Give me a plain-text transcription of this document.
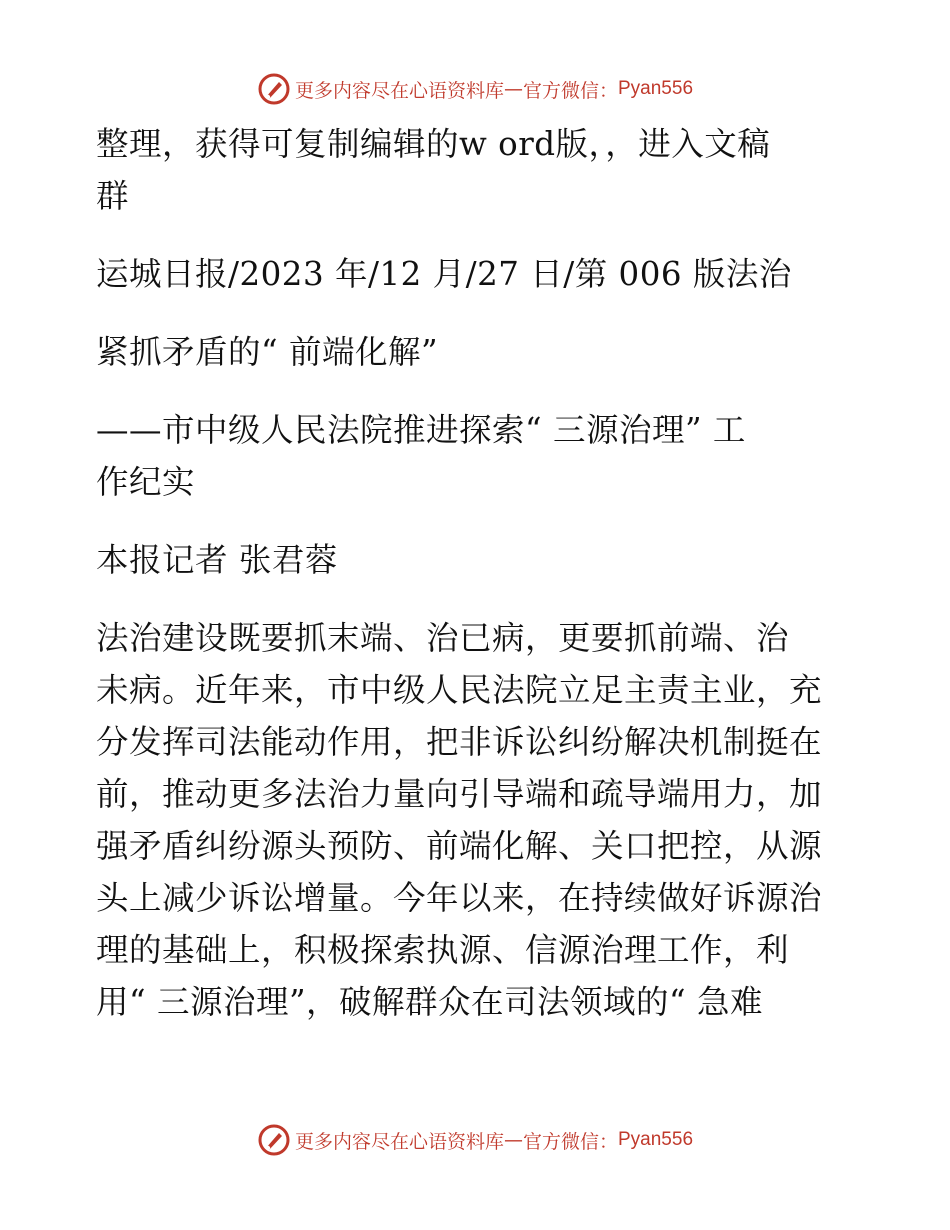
更多内容尽在心语资料库 — 官方微信： Pyan556
整理，获得可复制编辑的w ord版，，进入文稿
群
运城日报/2023 年/12 月/27 日/第 006 版法治
紧抓矛盾的“ 前端化解”
——市中级人民法院推进探索“ 三源治理” 工
作纪实
本报记者 张君蓉
法治建设既要抓末端、治已病，更要抓前端、治
未病。近年来，市中级人民法院立足主责主业，充
分发挥司法能动作用，把非诉讼纠纷解决机制挺在
前，推动更多法治力量向引导端和疏导端用力，加
强矛盾纠纷源头预防、前端化解、关口把控，从源
头上减少诉讼增量。今年以来，在持续做好诉源治
理的基础上，积极探索执源、信源治理工作，利
用“ 三源治理”，破解群众在司法领域的“ 急难
更多内容尽在心语资料库 — 官方微信： Pyan556
